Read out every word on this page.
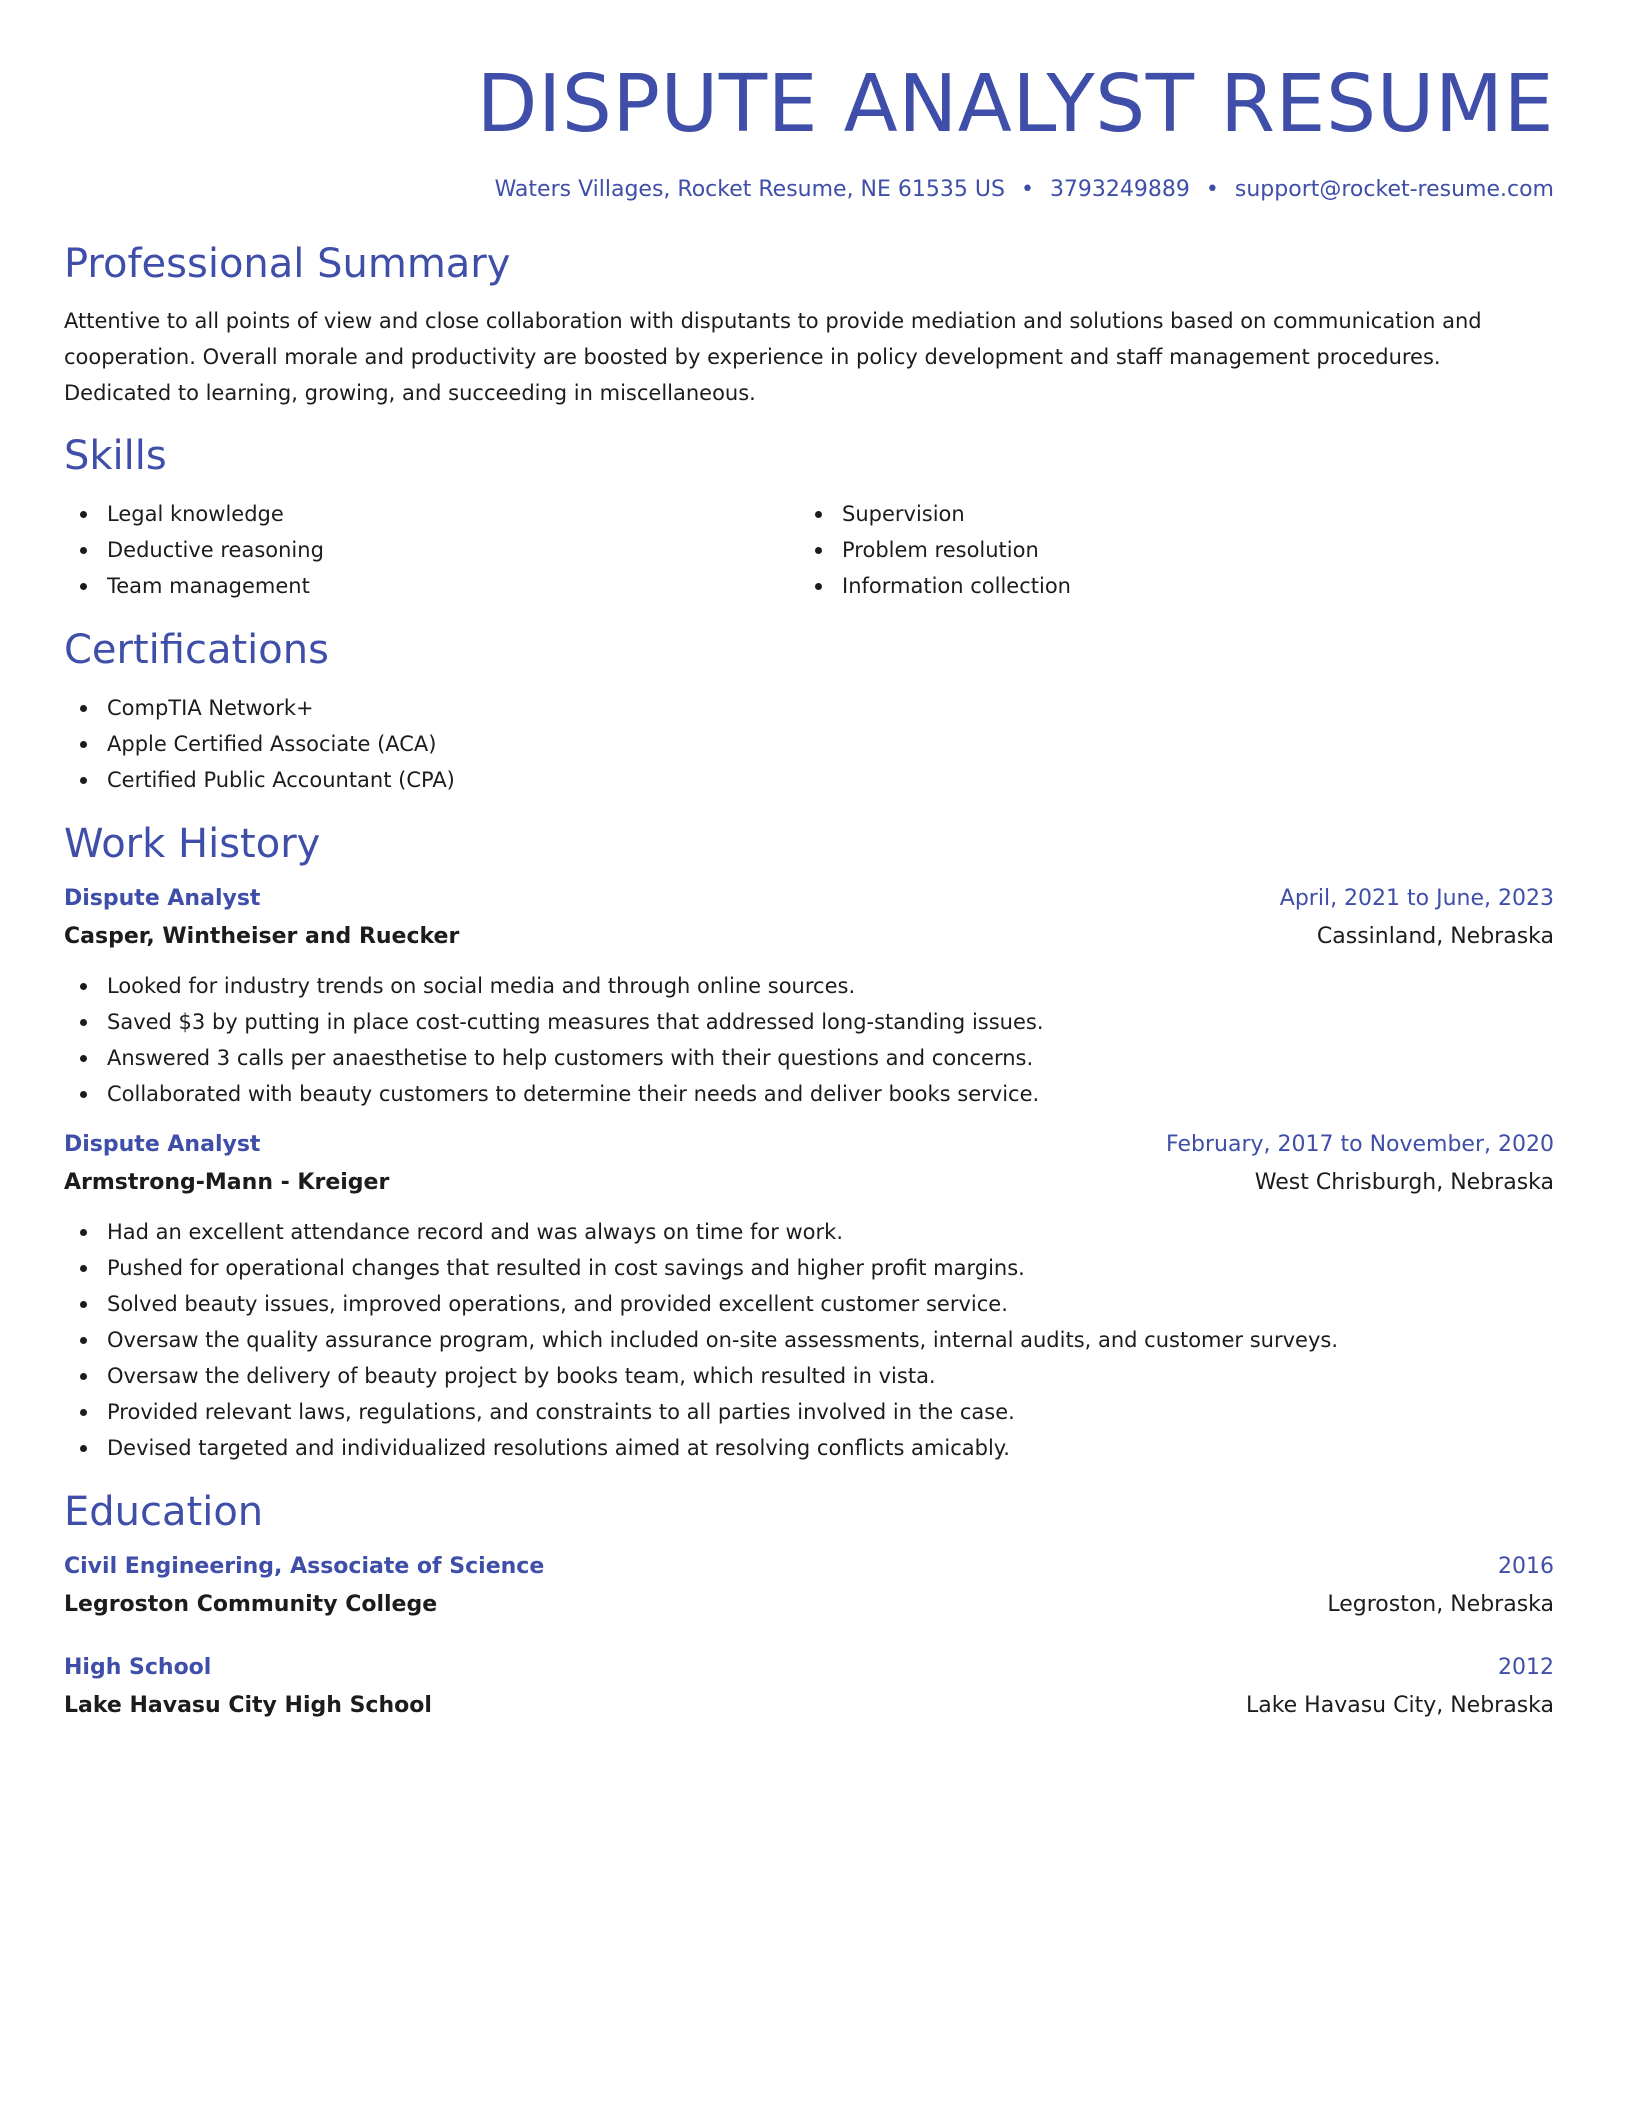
DISPUTE ANALYST RESUME
Waters Villages, Rocket Resume, NE 61535 US • 3793249889 • support@rocket-resume.com
Professional Summary

Attentive to all points of view and close collaboration with disputants to provide mediation and solutions based on communication and cooperation. Overall morale and productivity are boosted by experience in policy development and staff management procedures. Dedicated to learning, growing, and succeeding in miscellaneous.

Skills
Legal knowledge
Deductive reasoning
Team management
Supervision
Problem resolution
Information collection
Certifications
CompTIA Network+
Apple Certified Associate (ACA)
Certified Public Accountant (CPA)
Work History
Dispute Analyst	April, 2021 to June, 2023
Casper, Wintheiser and Ruecker	Cassinland, Nebraska
Looked for industry trends on social media and through online sources.
Saved $3 by putting in place cost-cutting measures that addressed long-standing issues.
Answered 3 calls per anaesthetise to help customers with their questions and concerns.
Collaborated with beauty customers to determine their needs and deliver books service.
Dispute Analyst	February, 2017 to November, 2020
Armstrong-Mann - Kreiger	West Chrisburgh, Nebraska
Had an excellent attendance record and was always on time for work.
Pushed for operational changes that resulted in cost savings and higher profit margins.
Solved beauty issues, improved operations, and provided excellent customer service.
Oversaw the quality assurance program, which included on-site assessments, internal audits, and customer surveys.
Oversaw the delivery of beauty project by books team, which resulted in vista.
Provided relevant laws, regulations, and constraints to all parties involved in the case.
Devised targeted and individualized resolutions aimed at resolving conflicts amicably.
Education
Civil Engineering, Associate of Science	2016
Legroston Community College	Legroston, Nebraska
High School	2012
Lake Havasu City High School	Lake Havasu City, Nebraska
